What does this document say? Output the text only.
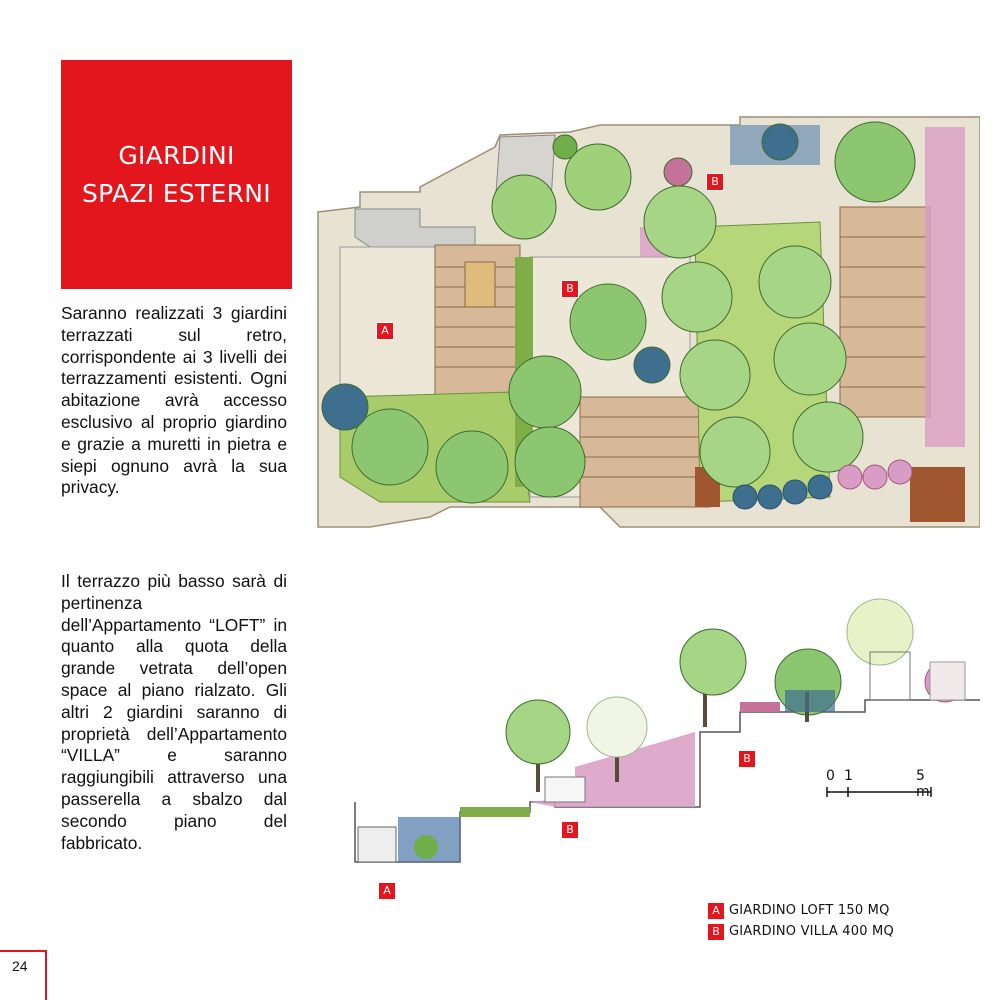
GIARDINI
SPAZI ESTERNI

Saranno realizzati 3 giardini terrazzati sul retro, corrispondente ai 3 livelli dei terrazzamenti esistenti. Ogni abitazione avrà accesso esclusivo al proprio giardino e grazie a muretti in pietra e siepi ognuno avrà la sua privacy.

Il terrazzo più basso sarà di pertinenza dell’Appartamento “LOFT” in quanto alla quota della grande vetrata dell’open space al piano rialzato. Gli altri 2 giardini saranno di proprietà dell’Appartamento “VILLA” e saranno raggiungibili attraverso una passerella a sbalzo dal secondo piano del fabbricato.

A
B
B
A
B
B
0 1	5 m
A GIARDINO LOFT 150 MQ
B GIARDINO VILLA 400 MQ
24
